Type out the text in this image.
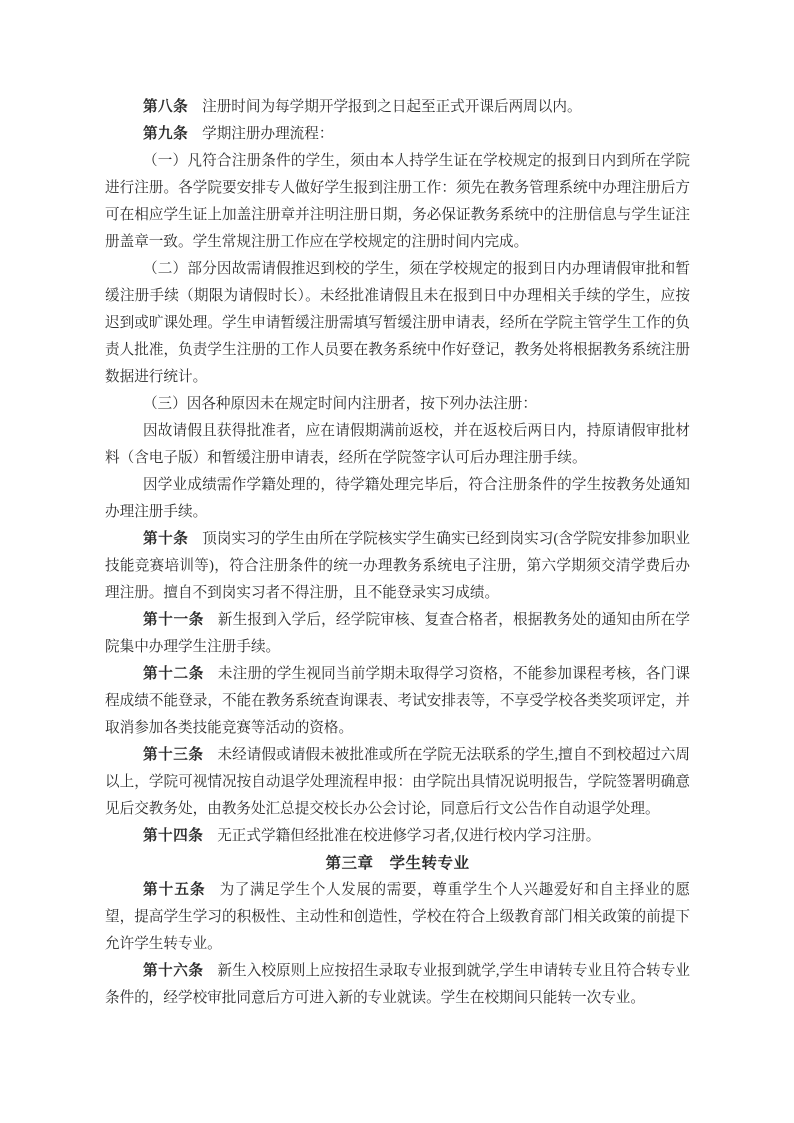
第八条 注册时间为每学期开学报到之日起至正式开课后两周以内。

第九条 学期注册办理流程：

（一）凡符合注册条件的学生，须由本人持学生证在学校规定的报到日内到所在学院进行注册。各学院要安排专人做好学生报到注册工作：须先在教务管理系统中办理注册后方可在相应学生证上加盖注册章并注明注册日期，务必保证教务系统中的注册信息与学生证注册盖章一致。学生常规注册工作应在学校规定的注册时间内完成。

（二）部分因故需请假推迟到校的学生，须在学校规定的报到日内办理请假审批和暂缓注册手续（期限为请假时长）。未经批准请假且未在报到日中办理相关手续的学生，应按迟到或旷课处理。学生申请暂缓注册需填写暂缓注册申请表，经所在学院主管学生工作的负责人批准，负责学生注册的工作人员要在教务系统中作好登记，教务处将根据教务系统注册数据进行统计。

（三）因各种原因未在规定时间内注册者，按下列办法注册：

因故请假且获得批准者，应在请假期满前返校，并在返校后两日内，持原请假审批材料（含电子版）和暂缓注册申请表，经所在学院签字认可后办理注册手续。

因学业成绩需作学籍处理的，待学籍处理完毕后，符合注册条件的学生按教务处通知办理注册手续。

第十条 顶岗实习的学生由所在学院核实学生确实已经到岗实习(含学院安排参加职业技能竞赛培训等)，符合注册条件的统一办理教务系统电子注册，第六学期须交清学费后办理注册。擅自不到岗实习者不得注册，且不能登录实习成绩。

第十一条 新生报到入学后，经学院审核、复查合格者，根据教务处的通知由所在学院集中办理学生注册手续。

第十二条 未注册的学生视同当前学期未取得学习资格，不能参加课程考核，各门课程成绩不能登录，不能在教务系统查询课表、考试安排表等，不享受学校各类奖项评定，并取消参加各类技能竞赛等活动的资格。

第十三条 未经请假或请假未被批准或所在学院无法联系的学生,擅自不到校超过六周以上，学院可视情况按自动退学处理流程申报：由学院出具情况说明报告，学院签署明确意见后交教务处，由教务处汇总提交校长办公会讨论，同意后行文公告作自动退学处理。

第十四条 无正式学籍但经批准在校进修学习者,仅进行校内学习注册。

第三章　学生转专业

第十五条 为了满足学生个人发展的需要，尊重学生个人兴趣爱好和自主择业的愿望，提高学生学习的积极性、主动性和创造性，学校在符合上级教育部门相关政策的前提下允许学生转专业。

第十六条 新生入校原则上应按招生录取专业报到就学,学生申请转专业且符合转专业条件的，经学校审批同意后方可进入新的专业就读。学生在校期间只能转一次专业。
